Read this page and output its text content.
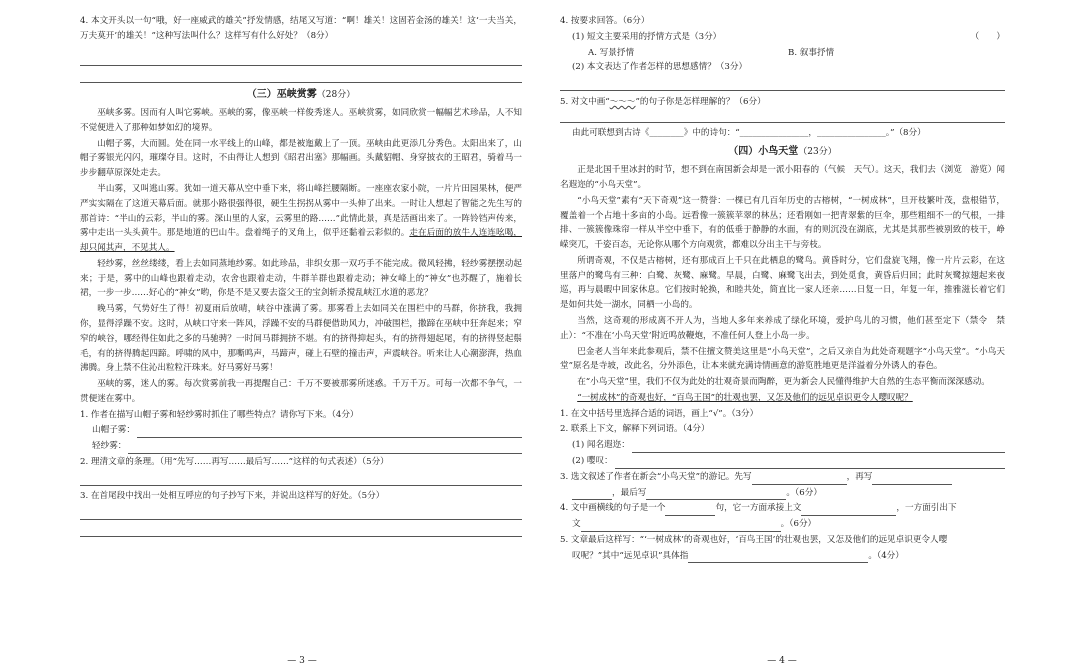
4. 本文开头以一句“哦，好一座威武的雄关”抒发情感，结尾又写道：“啊！雄关！这固若金汤的雄关！这‘一夫当关，万夫莫开’的雄关！”这种写法叫什么？这样写有什么好处？（8分）

（三）巫峡赏雾（28分）

巫峡多雾。因而有人叫它雾峡。巫峡的雾，像巫峡一样俊秀迷人。巫峡赏雾，如同欣赏一幅幅艺术珍品，人不知不觉便进入了那种如梦如幻的境界。

山帽子雾，大而圆。处在同一水平线上的山峰，都是被迤戴上了一顶。巫峡由此更添几分秀色。太阳出来了，山帽子雾银光闪闪，璀璨夺目。这时，不由得让人想到《昭君出塞》那幅画。头戴貂帽、身穿披衣的王昭君，骑着马一步步翻草原深处走去。

半山雾，又叫逃山雾。犹如一道天幕从空中垂下来，将山峰拦腰隔断。一座座农家小院，一片片田园果林，便严严实实隔在了这道天幕后面。就那小路很强得很，硬生生拐拐从雾中一头伸了出来。一时让人想起了智能之先生写的那首诗：“半山的云彩，半山的雾。深山里的人家，云雾里的路……”此情此景，真是活画出来了。一阵铃铛声传来，雾中走出一头头黄牛。那是地道的巴山牛。盘着绳子的叉角上，似乎还黏着云彩似的。走在后面的放牛人连连吆喝，却只闻其声，不见其人。

轻纱雾，丝丝缕缕，看上去如同蒸地纱雾。如此珍品，非织女那一双巧手不能完成。微风轻拂，轻纱雾摆摆动起来；于是，雾中的山峰也跟着走动，农舍也跟着走动，牛群羊群也跟着走动；神女峰上的“神女”也苏醒了，施着长裙，一步一步……好心的“神女”哟，你是不是又要去盗父王的宝剑斩杀搅乱峡江水道的恶龙？

晚马雾，气势好生了得！初夏雨后放晴，峡谷中涨满了雾。那雾看上去如同关在围栏中的马群，你挤我，我拥你，显得浮躁不安。这时，从峡口守来一阵风，浮躁不安的马群便借助风力，冲破围栏，撒蹄在巫峡中狂奔起来；窄窄的峡谷，哪经得住如此之多的马驰骋？一时间马群拥挤不堪。有的挤得抑起头，有的挤得翅起尾，有的挤得竖起鬃毛，有的挤得腾起四蹄。呼啸的风中，那嘶鸣声，马蹄声，碰上石壁的撞击声，声震峡谷。听来让人心潮澎湃，热血沸腾。身上禁不住沁出粒粒汗珠来。好马雾好马雾！

巫峡的雾，迷人的雾。每次赏雾前我一再提醒自己：千万不要被那雾所迷惑。千万千万。可每一次都不争气，一贯便迷在雾中。

1. 作者在描写山帽子雾和轻纱雾时抓住了哪些特点？请你写下来。（4分）

山帽子雾：
轻纱雾：

2. 理清文章的条理。（用“先写……再写……最后写……”这样的句式表述）（5分）

3. 在首尾段中找出一处相互呼应的句子抄写下来，并说出这样写的好处。（5分）

— 3 —

4. 按要求回答。（6分）

(1) 短文主要采用的抒情方式是（3分）	（　　）

A. 写景抒情	B. 叙事抒情

(2) 本文表达了作者怎样的思想感情？（3分）

5. 对文中画“～～～”的句子你是怎样理解的？（6分）

由此可联想到古诗《________》中的诗句：“________________，________________。”（8分）

（四）小鸟天堂（23分）

正是北国千里冰封的时节，想不到在南国新会却是一派小阳春的（气候　天气）。这天，我们去（浏览　游览）闻名遐迩的“小鸟天堂”。

“小鸟天堂”素有“天下奇观”这一赞誉：一棵已有几百年历史的古榕树，“一树成林”，旦开枝繁叶茂，盘根错节，覆盖着一个占地十多亩的小岛。远看像一簇簇苹翠的林丛；还看刚如一把青翠紫的巨伞，那些粗细不一的气根，一排排、一簇簇像珠帘一样从半空中垂下，有的低垂于静静的水面，有的则沉没在湖底，尤其是其那些被别致的枝干，峥嵘突兀，千姿百态，无论你从哪个方向观赏，都难以分出主干与旁枝。

所谓奇观，不仅是古榕树，还有那成百上千只在此栖息的鹭鸟。黄昏时分，它们盘旋飞翔，像一片片云彩，在这里落户的鹭鸟有三种：白鹭、灰鹭、麻鹭。早晨，白鹭、麻鹭飞出去，到处觅食，黄昏后归回；此时灰鹭掠翅起来夜巡，再与晨暇中回家休息。它们按时轮换，和睦共处，简直比一家人还亲……日复一日，年复一年，推雅滋长着它们是如何共处一湖水，同栖一小岛的。

当然，这奇观的形成离不开人为，当地人多年来养成了绿化环境，爱护鸟儿的习惯，他们甚至定下（禁令　禁止）：“不准在‘小鸟天堂’附近鸣放鞭炮，不准任何人登上小岛一步。

巴金老人当年来此参观后，禁不住擅文赞美这里是“小鸟天堂”，之后又亲自为此处奇观题字“小鸟天堂”。“小鸟天堂”原名是寺坡，改此名，分外添色，让本来就充满诗情画意的游览胜地更是洋溢着分外诱人的春色。

在“小鸟天堂”里，我们不仅为此处的壮观奇景而陶醉，更为新会人民懂得维护大自然的生态平衡而深深感动。

“一树成林”的奇观也好，“百鸟王国”的壮观也罢，又怎及他们的远见卓识更令人嘤叹呢？

1. 在文中括号里选择合适的词语，画上“√”。（3分）

2. 联系上下文，解释下列词语。（4分）

(1) 闻名遐迩：
(2) 嘤叹：

3. 选文叙述了作者在新会“小鸟天堂”的游记。先写	，再写

，最后写	。（6分）

4. 文中画横线的句子是一个	句，它一方面承接上文	，一方面引出下

文	。（6分）

5. 文章最后这样写：“‘一树成林’的奇观也好，‘百鸟王国’的壮观也罢，又怎及他们的远见卓识更令人嘤

叹呢？”其中“远见卓识”具体指	。（4分）

— 4 —
